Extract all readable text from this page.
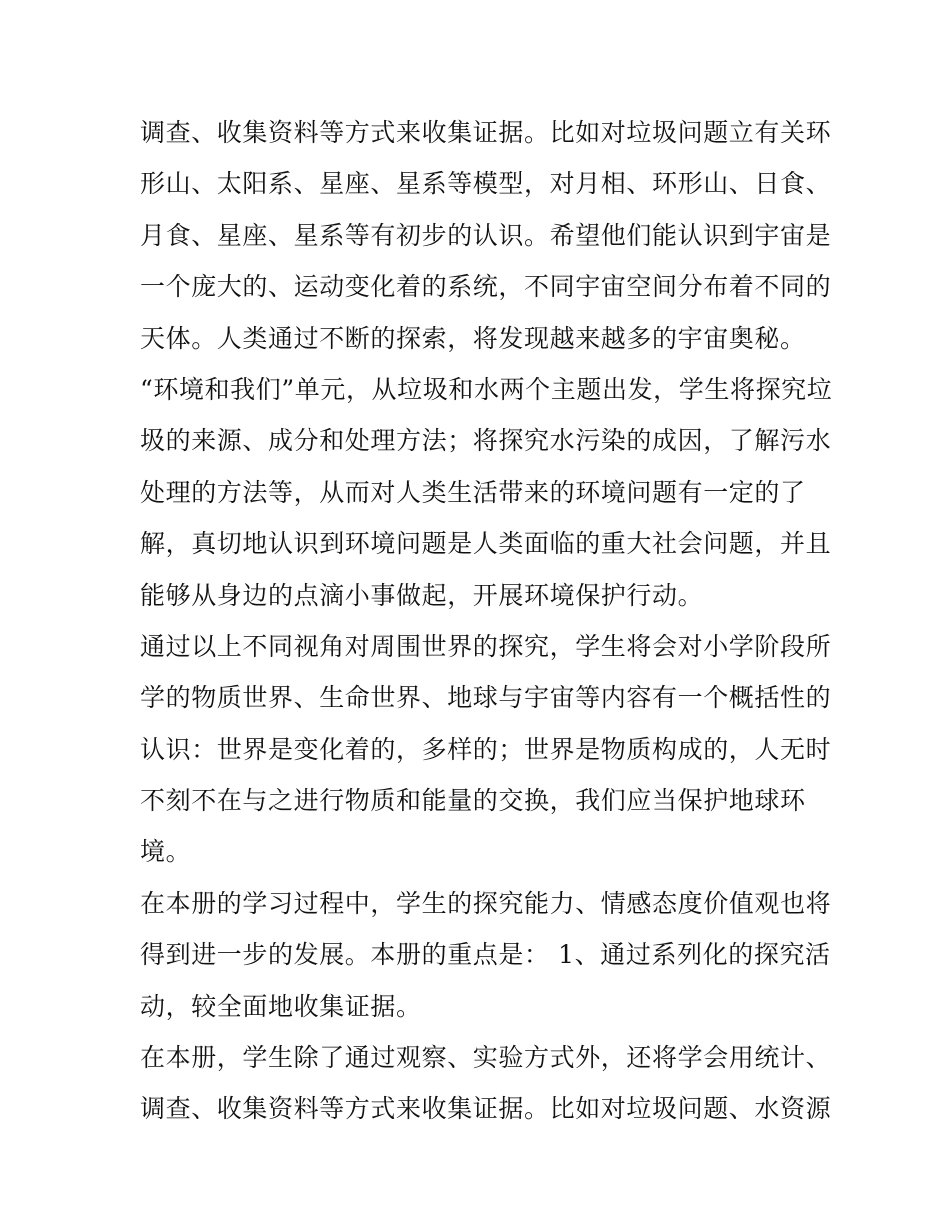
调查、收集资料等方式来收集证据。比如对垃圾问题立有关环
形山、太阳系、星座、星系等模型，对月相、环形山、日食、
月食、星座、星系等有初步的认识。希望他们能认识到宇宙是
一个庞大的、运动变化着的系统，不同宇宙空间分布着不同的
天体。人类通过不断的探索，将发现越来越多的宇宙奥秘。
“环境和我们”单元，从垃圾和水两个主题出发，学生将探究垃
圾的来源、成分和处理方法；将探究水污染的成因，了解污水
处理的方法等，从而对人类生活带来的环境问题有一定的了
解，真切地认识到环境问题是人类面临的重大社会问题，并且
能够从身边的点滴小事做起，开展环境保护行动。
通过以上不同视角对周围世界的探究，学生将会对小学阶段所
学的物质世界、生命世界、地球与宇宙等内容有一个概括性的
认识：世界是变化着的，多样的；世界是物质构成的，人无时
不刻不在与之进行物质和能量的交换，我们应当保护地球环
境。
在本册的学习过程中，学生的探究能力、情感态度价值观也将
得到进一步的发展。本册的重点是： 1、通过系列化的探究活
动，较全面地收集证据。
在本册，学生除了通过观察、实验方式外，还将学会用统计、
调查、收集资料等方式来收集证据。比如对垃圾问题、水资源
